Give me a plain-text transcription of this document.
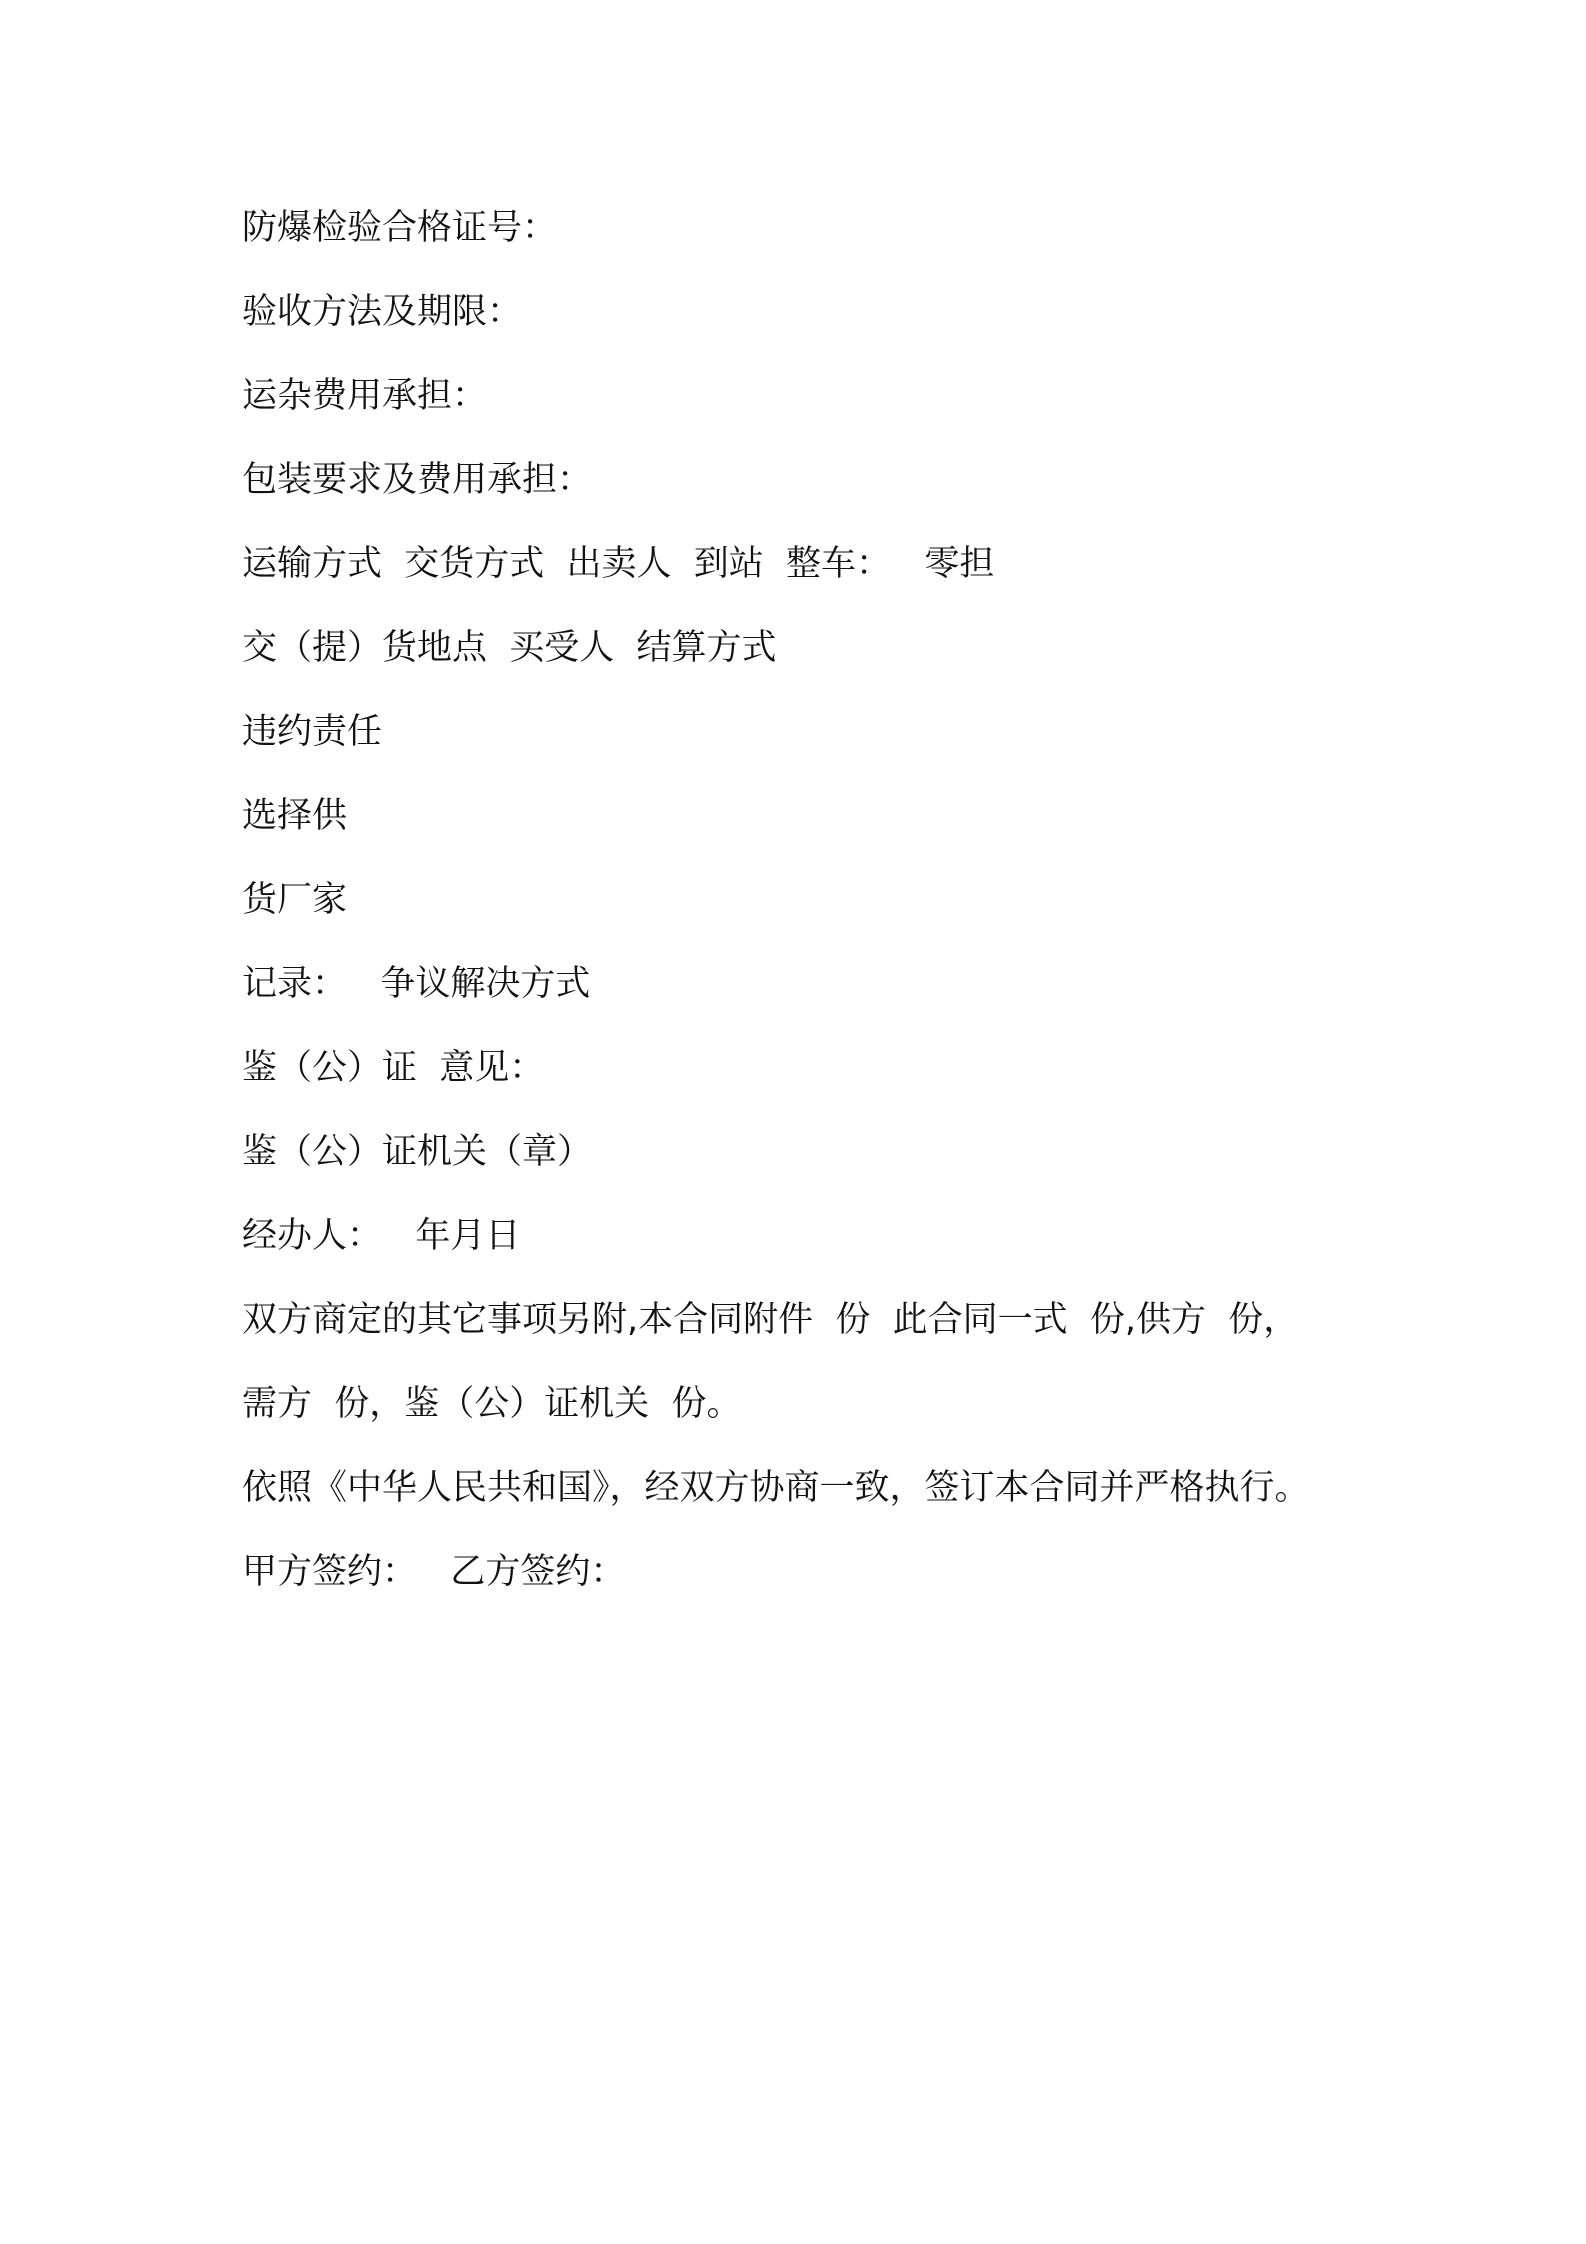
防爆检验合格证号：
验收方法及期限：
运杂费用承担：
包装要求及费用承担：
运输方式  交货方式  出卖人  到站  整车：   零担
交（提）货地点  买受人  结算方式
违约责任
选择供
货厂家
记录：   争议解决方式
鉴（公）证  意见：
鉴（公）证机关（章）
经办人：   年月日
双方商定的其它事项另附,本合同附件  份  此合同一式  份,供方  份，
需方  份，鉴（公）证机关  份。
依照《中华人民共和国》，经双方协商一致，签订本合同并严格执行。
甲方签约：   乙方签约：
